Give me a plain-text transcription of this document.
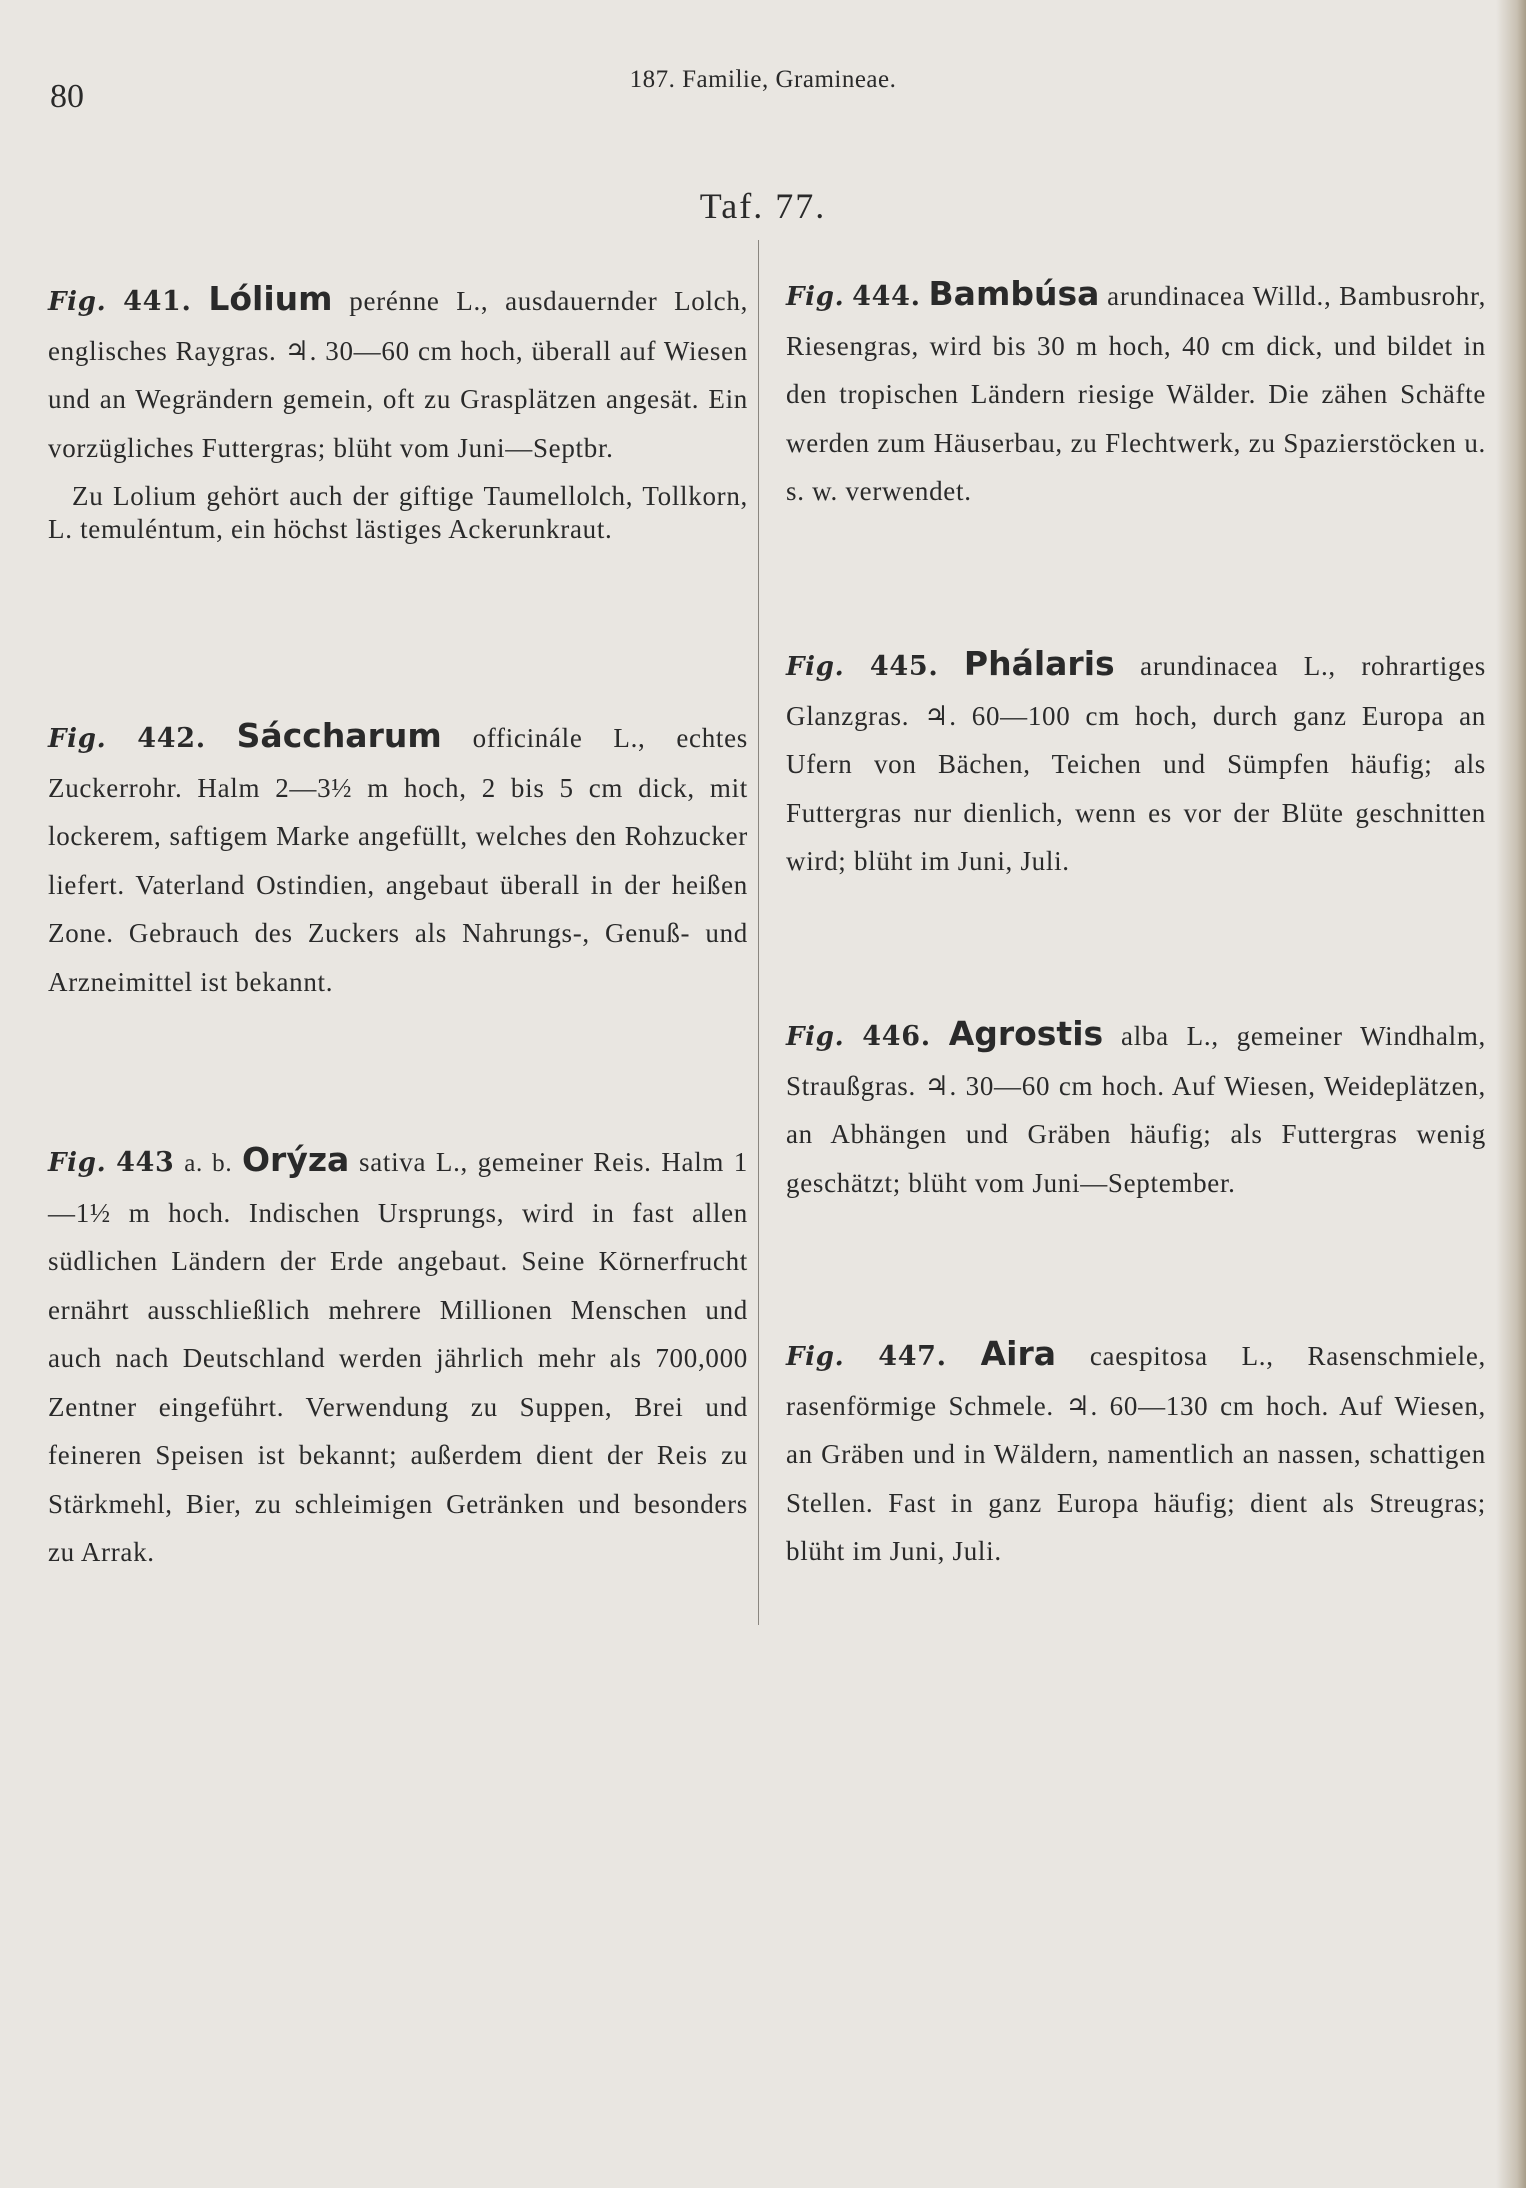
80	187. Familie, Gramineae.
Taf. 77.
Fig. 441. Lólium perénne L., ausdauernder Lolch, englisches Raygras. ♃. 30—60 cm hoch, überall auf Wiesen und an Wegrändern gemein, oft zu Grasplätzen angesät. Ein vorzügliches Futtergras; blüht vom Juni—Septbr.

Zu Lolium gehört auch der giftige Taumellolch, Tollkorn, L. temuléntum, ein höchst lästiges Ackerunkraut.

Fig. 442. Sáccharum officinále L., echtes Zuckerrohr. Halm 2—3½ m hoch, 2 bis 5 cm dick, mit lockerem, saftigem Marke angefüllt, welches den Rohzucker liefert. Vaterland Ostindien, angebaut überall in der heißen Zone. Gebrauch des Zuckers als Nahrungs-, Genuß- und Arzneimittel ist bekannt.
Fig. 443 a. b. Orýza sativa L., gemeiner Reis. Halm 1—1½ m hoch. Indischen Ursprungs, wird in fast allen südlichen Ländern der Erde angebaut. Seine Körnerfrucht ernährt ausschließlich mehrere Millionen Menschen und auch nach Deutschland werden jährlich mehr als 700,000 Zentner eingeführt. Verwendung zu Suppen, Brei und feineren Speisen ist bekannt; außerdem dient der Reis zu Stärkmehl, Bier, zu schleimigen Getränken und besonders zu Arrak.
Fig. 444. Bambúsa arundinacea Willd., Bambusrohr, Riesengras, wird bis 30 m hoch, 40 cm dick, und bildet in den tropischen Ländern riesige Wälder. Die zähen Schäfte werden zum Häuserbau, zu Flechtwerk, zu Spazierstöcken u. s. w. verwendet.
Fig. 445. Phálaris arundinacea L., rohrartiges Glanzgras. ♃. 60—100 cm hoch, durch ganz Europa an Ufern von Bächen, Teichen und Sümpfen häufig; als Futtergras nur dienlich, wenn es vor der Blüte geschnitten wird; blüht im Juni, Juli.
Fig. 446. Agrostis alba L., gemeiner Windhalm, Straußgras. ♃. 30—60 cm hoch. Auf Wiesen, Weideplätzen, an Abhängen und Gräben häufig; als Futtergras wenig geschätzt; blüht vom Juni—September.
Fig. 447. Aira caespitosa L., Rasenschmiele, rasenförmige Schmele. ♃. 60—130 cm hoch. Auf Wiesen, an Gräben und in Wäldern, namentlich an nassen, schattigen Stellen. Fast in ganz Europa häufig; dient als Streugras; blüht im Juni, Juli.
